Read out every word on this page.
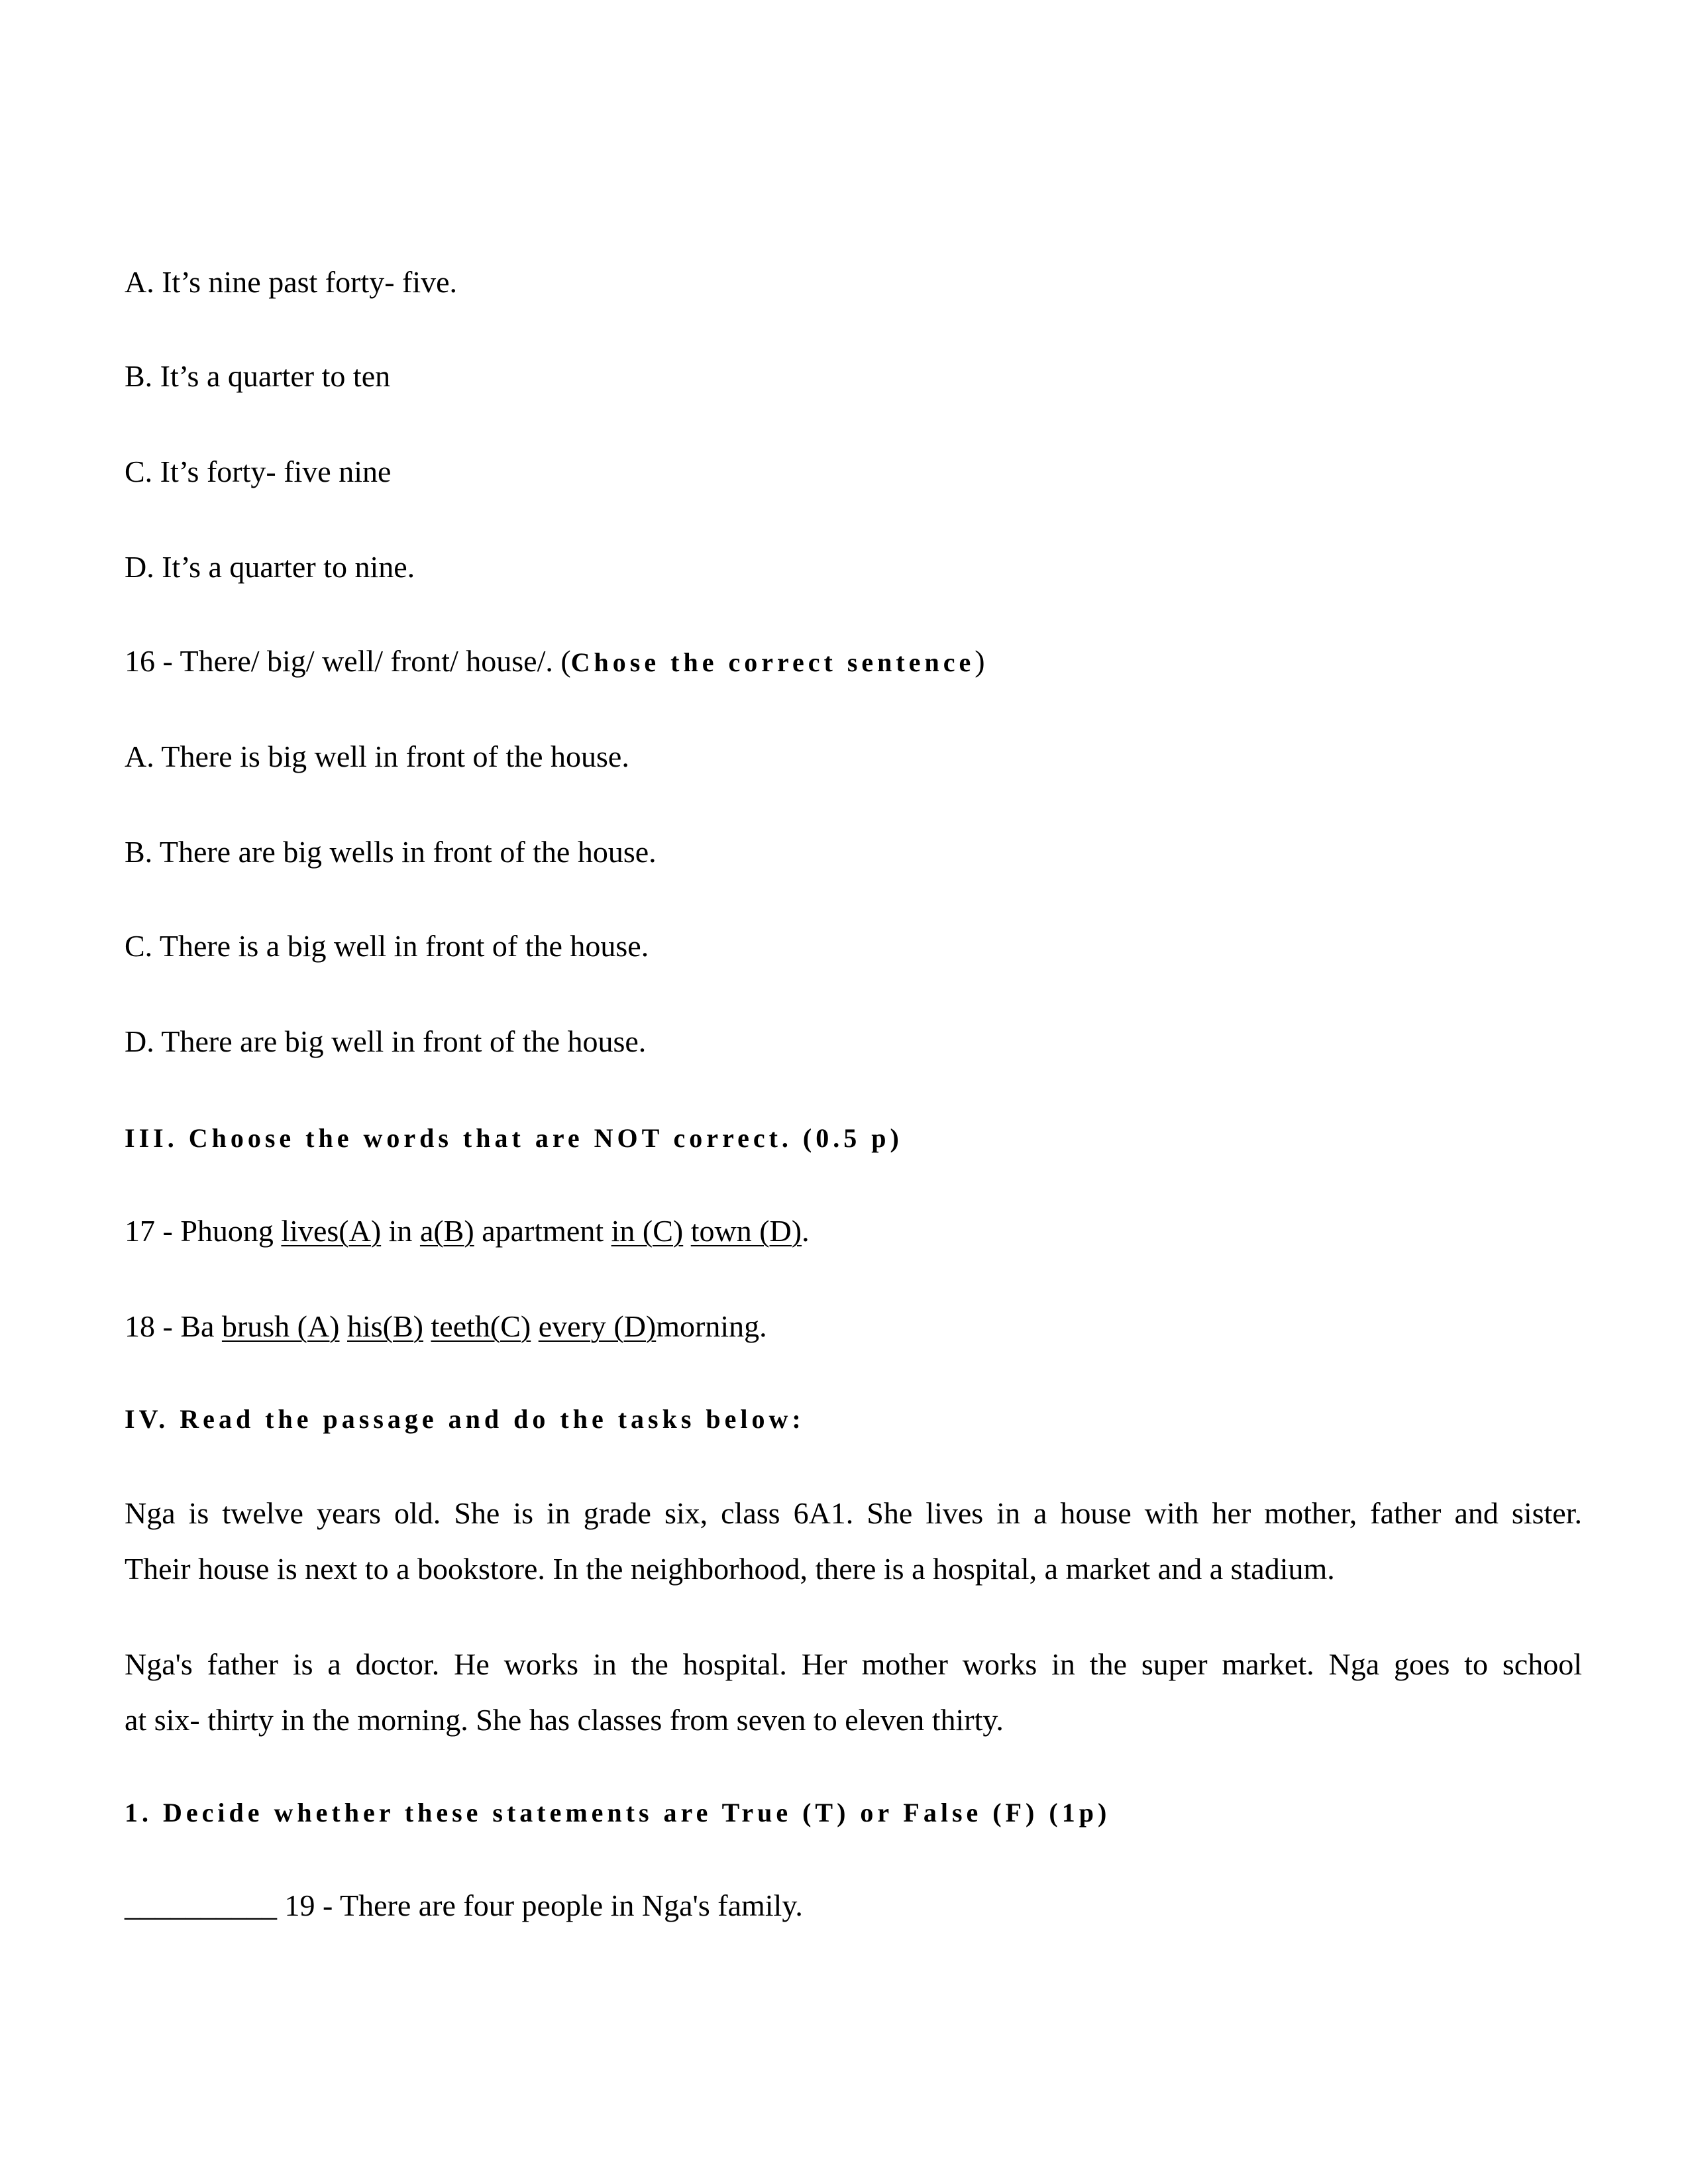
A. It’s nine past forty- five.

B. It’s a quarter to ten

C. It’s forty- five nine

D. It’s a quarter to nine.

16 - There/ big/ well/ front/ house/. (Chose the correct sentence)

A. There is big well in front of the house.

B. There are big wells in front of the house.

C. There is a big well in front of the house.

D. There are big well in front of the house.

III. Choose the words that are NOT correct. (0.5 p)

17 - Phuong lives(A) in a(B) apartment in (C) town (D).

18 - Ba brush (A) his(B) teeth(C) every (D)morning.

IV. Read the passage and do the tasks below:

Nga is twelve years old. She is in grade six, class 6A1. She lives in a house with her mother, father and sister.
Their house is next to a bookstore. In the neighborhood, there is a hospital, a market and a stadium.
Nga's father is a doctor. He works in the hospital. Her mother works in the super market. Nga goes to school
at six- thirty in the morning. She has classes from seven to eleven thirty.

1. Decide whether these statements are True (T) or False (F) (1p)

__________ 19 - There are four people in Nga's family.
